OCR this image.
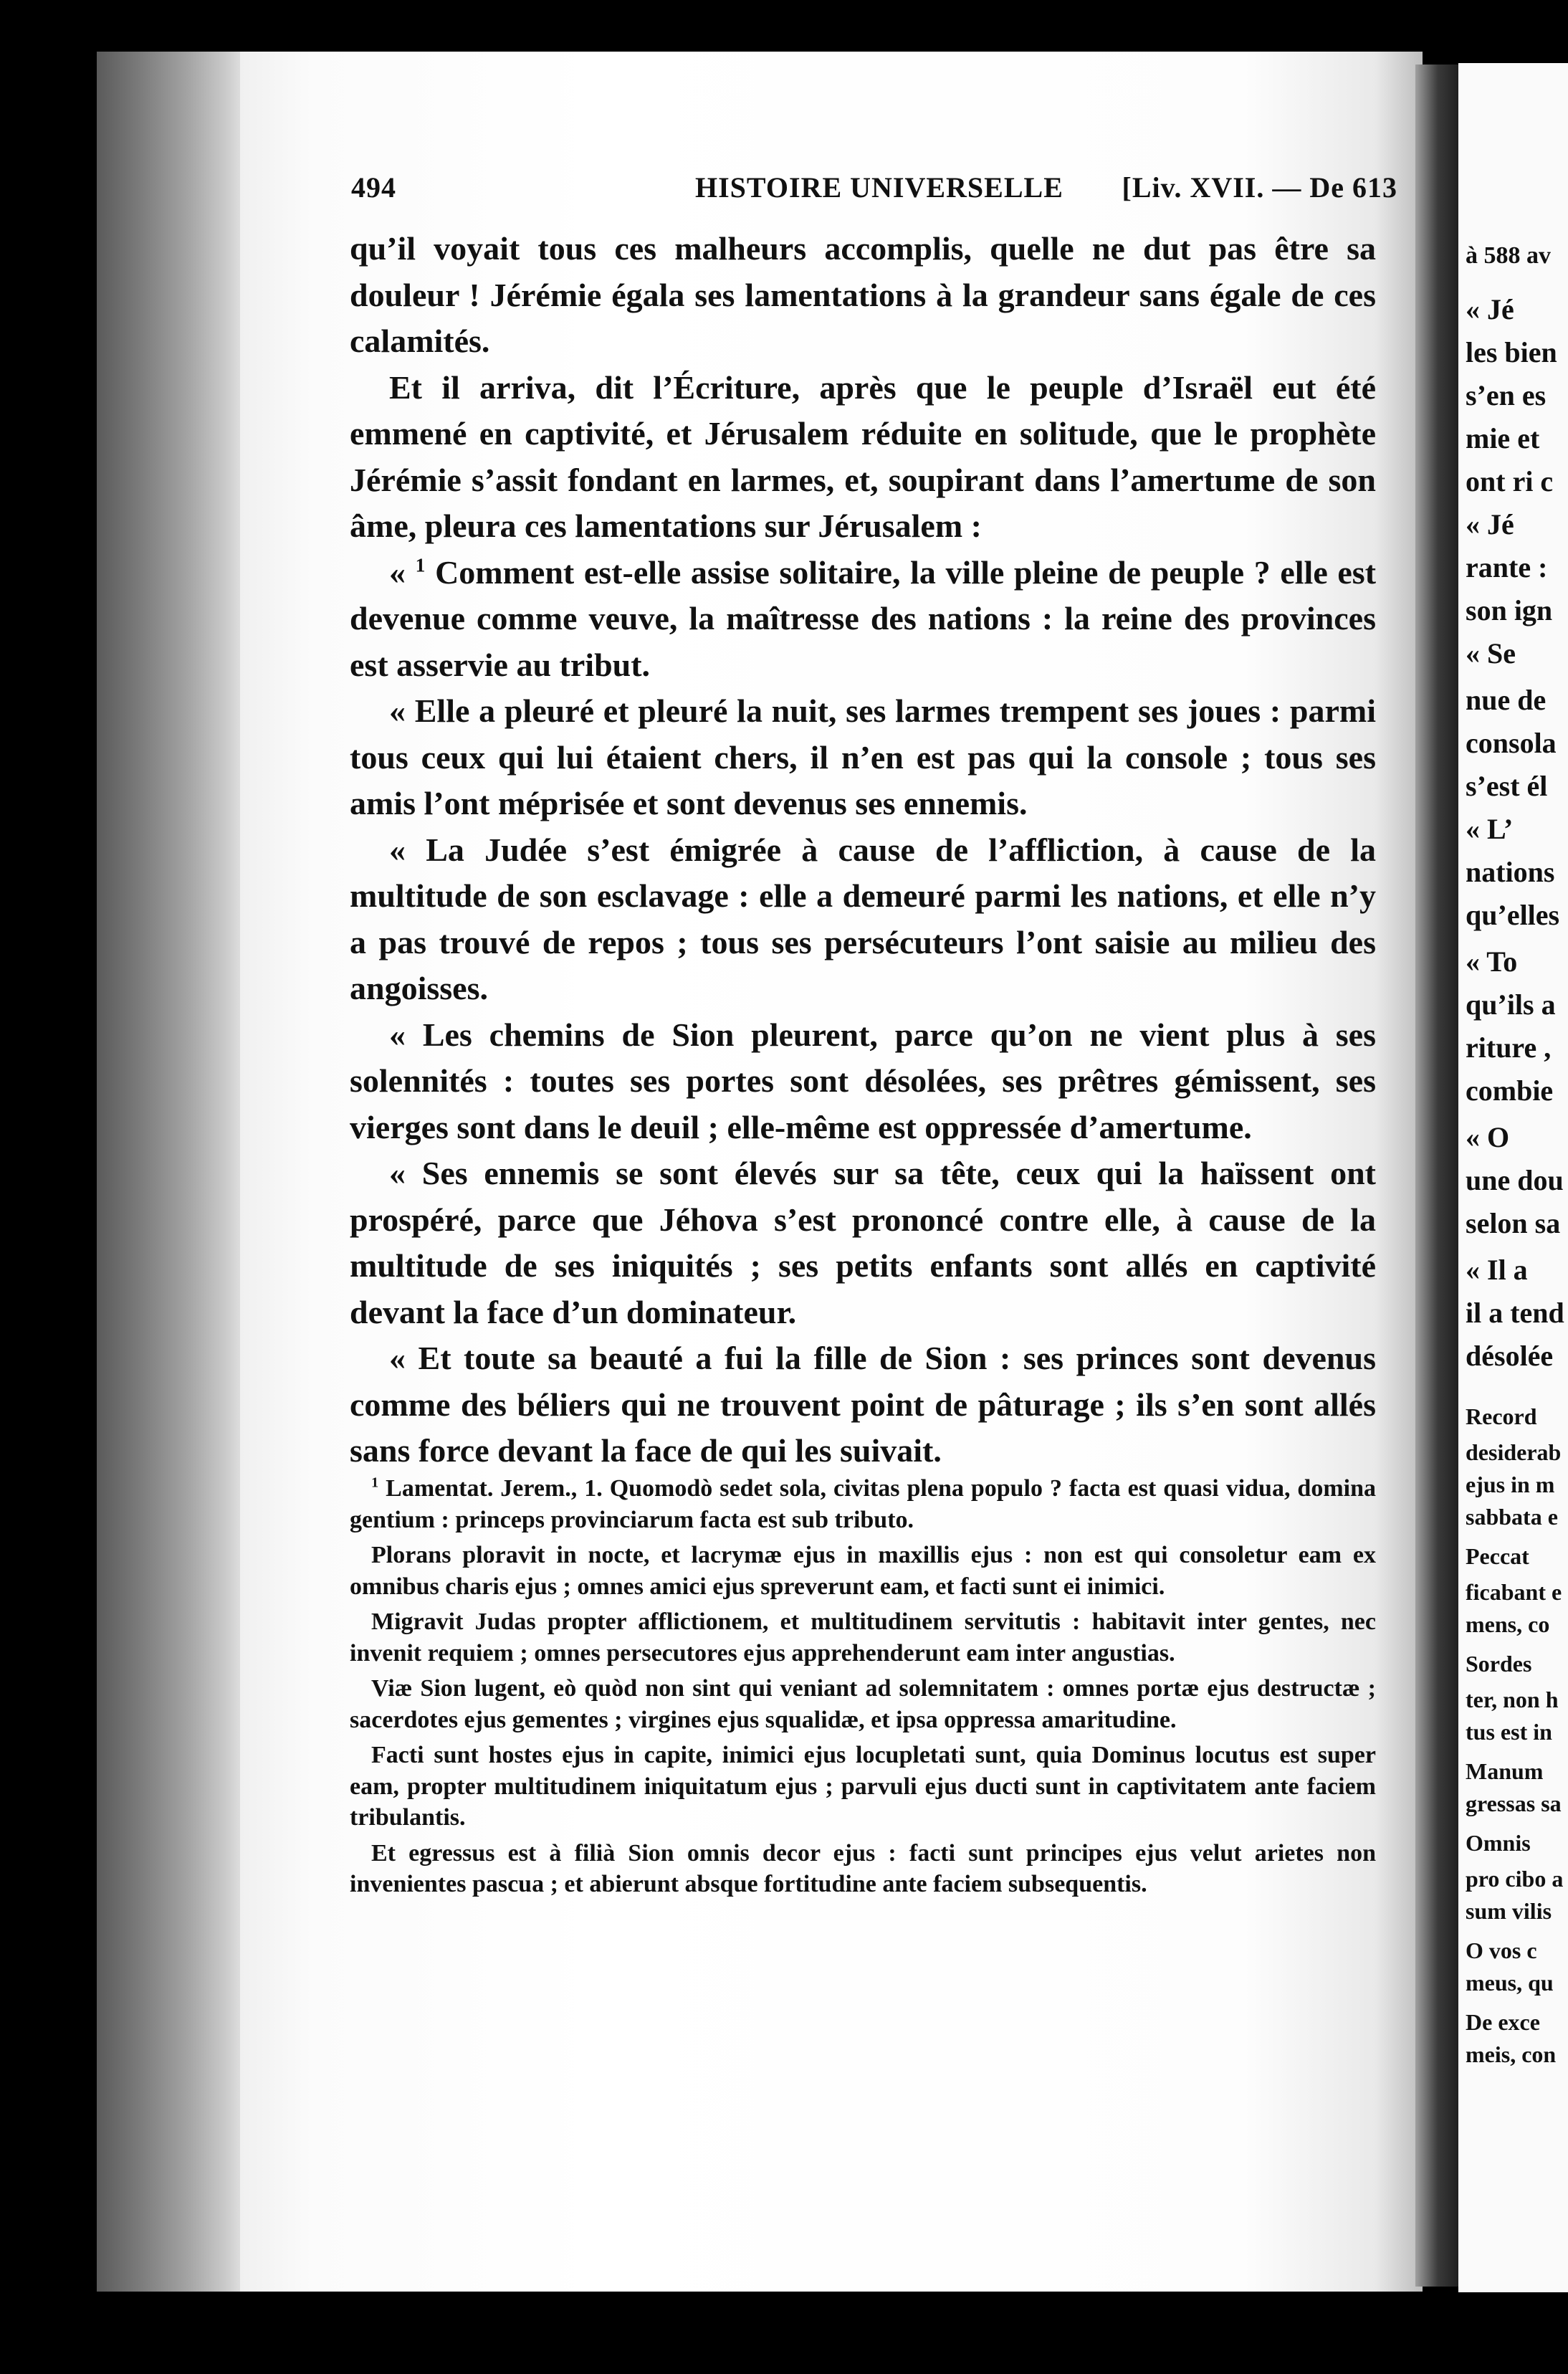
à 588 av
« Jé
les bien
s’en es
mie et
ont ri c
« Jé
rante :
son ign
« Se
nue de
consola
s’est él
« L’
nations
qu’elles
« To
qu’ils a
riture ,
combie
« O
une dou
selon sa
« Il a
il a tend
désolée
Record
desiderab
ejus in m
sabbata e
Peccat
ficabant e
mens, co
Sordes
ter, non h
tus est in
Manum
gressas sa
Omnis
pro cibo a
sum vilis
O vos c
meus, qu
De exce
meis, con
494	HISTOIRE UNIVERSELLE [Liv. XVII. — De 613

qu’il voyait tous ces malheurs accomplis, quelle ne dut pas être sa douleur ! Jérémie égala ses lamentations à la grandeur sans égale de ces calamités.

Et il arriva, dit l’Écriture, après que le peuple d’Israël eut été emmené en captivité, et Jérusalem réduite en solitude, que le prophète Jérémie s’assit fondant en larmes, et, soupirant dans l’amertume de son âme, pleura ces lamentations sur Jérusalem :

« $^1$ Comment est-elle assise solitaire, la ville pleine de peuple ? elle est devenue comme veuve, la maîtresse des nations : la reine des provinces est asservie au tribut.

« Elle a pleuré et pleuré la nuit, ses larmes trempent ses joues : parmi tous ceux qui lui étaient chers, il n’en est pas qui la console ; tous ses amis l’ont méprisée et sont devenus ses ennemis.

« La Judée s’est émigrée à cause de l’affliction, à cause de la multitude de son esclavage : elle a demeuré parmi les nations, et elle n’y a pas trouvé de repos ; tous ses persécuteurs l’ont saisie au milieu des angoisses.

« Les chemins de Sion pleurent, parce qu’on ne vient plus à ses solennités : toutes ses portes sont désolées, ses prêtres gémissent, ses vierges sont dans le deuil ; elle-même est oppressée d’amertume.

« Ses ennemis se sont élevés sur sa tête, ceux qui la haïssent ont prospéré, parce que Jéhova s’est prononcé contre elle, à cause de la multitude de ses iniquités ; ses petits enfants sont allés en captivité devant la face d’un dominateur.

« Et toute sa beauté a fui la fille de Sion : ses princes sont devenus comme des béliers qui ne trouvent point de pâturage ; ils s’en sont allés sans force devant la face de qui les suivait.

$^1$ Lamentat. Jerem., 1. Quomodò sedet sola, civitas plena populo ? facta est quasi vidua, domina gentium : princeps provinciarum facta est sub tributo.

Plorans ploravit in nocte, et lacrymæ ejus in maxillis ejus : non est qui consoletur eam ex omnibus charis ejus ; omnes amici ejus spreverunt eam, et facti sunt ei inimici.

Migravit Judas propter afflictionem, et multitudinem servitutis : habitavit inter gentes, nec invenit requiem ; omnes persecutores ejus apprehenderunt eam inter angustias.

Viæ Sion lugent, eò quòd non sint qui veniant ad solemnitatem : omnes portæ ejus destructæ ; sacerdotes ejus gementes ; virgines ejus squalidæ, et ipsa oppressa amaritudine.

Facti sunt hostes ejus in capite, inimici ejus locupletati sunt, quia Dominus locutus est super eam, propter multitudinem iniquitatum ejus ; parvuli ejus ducti sunt in captivitatem ante faciem tribulantis.

Et egressus est à filià Sion omnis decor ejus : facti sunt principes ejus velut arietes non invenientes pascua ; et abierunt absque fortitudine ante faciem subsequentis.
